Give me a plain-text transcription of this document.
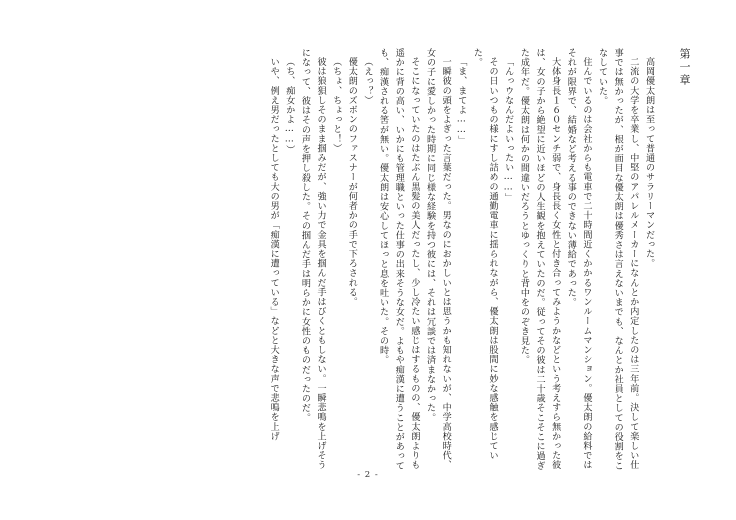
第一章

高岡優太朗は至って普通のサラリーマンだった。

二流の大学を卒業し、中堅のアパレルメーカーになんとか内定したのは三年前。決して楽しい仕事では無かったが、根が面目な優太朗は優秀さは言えないまでも、なんとか社員としての役割をこなしていた。

住んでいるのは会社からも電車で二十時間近くかかるワンルームマンション。優太朗の給料ではそれが限界で、結婚など考える事のできない薄給であった。

大体身長１６０センチ弱で、身長長く女性と付き合ってみようかなどという考えすら無かった彼は、女の子から絶望に近いほどの人生観を抱えていたのだ。従ってその彼は二十歳そこそこに過ぎた成年だ。優太朗は何かの間違いだろうとゆっくりと背中をのぞき見た。

「んっウなんだよいったい……」

その日いつもの様にすし詰めの通勤電車に揺られながら、優太朗は股間に妙な感触を感じていた。

「ま、まてよ……」

一瞬彼の頭をよぎった言葉だった。男なのにおかしいとは思うかも知れないが、中学高校時代、女の子に愛しかった時期に同じ様な経験を持つ彼には、それは冗談では済まなかった。

そこになっていたのはたぶん黒髪の美人だったし、少し冷たい感じはするものの、優太朗よりも遥かに背の高い、いかにも管理職といった仕事の出来そうな女だ。よもや痴漢に遭うことがあっても、痴漢される筈が無い。優太朗は安心してほっと息を吐いた。その時。

（えっ？）

優太朗のズボンのファスナーが何者かの手で下ろされる。

（ちょ、ちょっと！）

彼は狼狽しそのまま掴みだが、強い力で金具を掴んだ手はびくともしない。一瞬悲鳴を上げそうになって、彼はその声を押し殺した。その掴んだ手は明らかに女性のものだったのだ。

（ち、痴女かよ……）

いや、例え男だったとしても大の男が「痴漢に遭っている」などと大きな声で悲鳴を上げ

- 2 -
